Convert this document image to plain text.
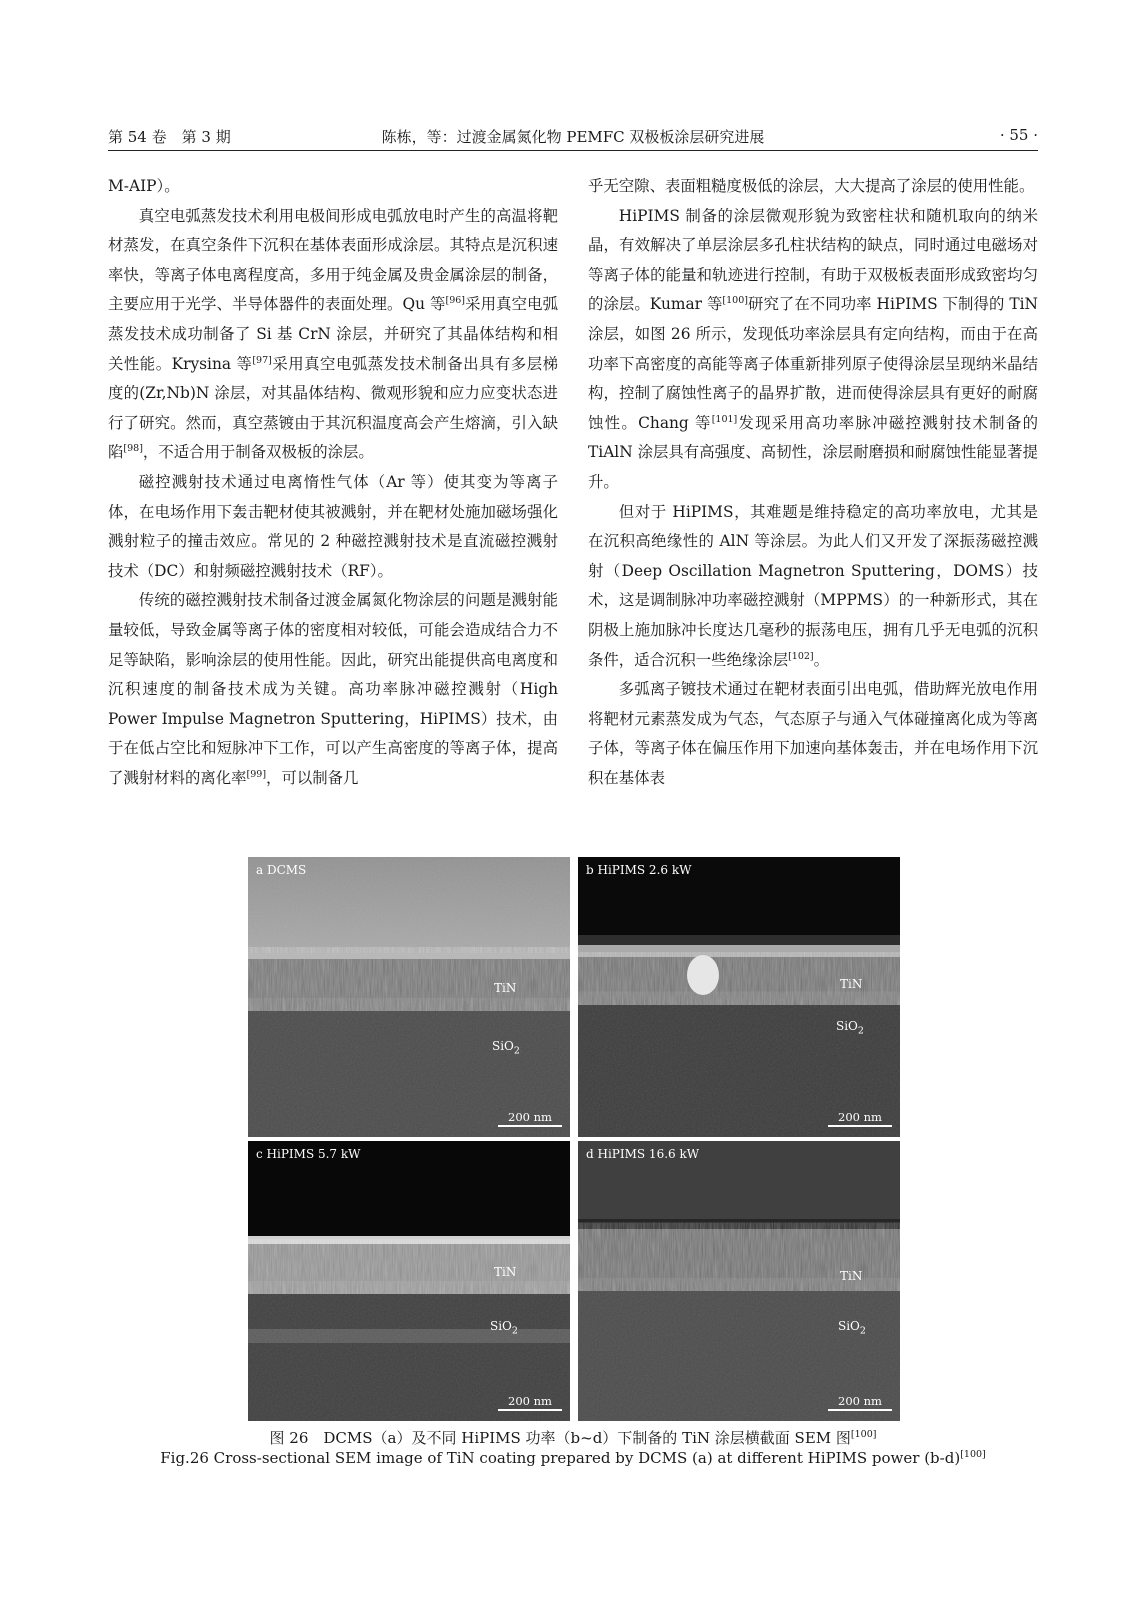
第 54 卷　第 3 期	陈栋，等：过渡金属氮化物 PEMFC 双极板涂层研究进展	· 55 ·

M-AIP）。

真空电弧蒸发技术利用电极间形成电弧放电时产生的高温将靶材蒸发，在真空条件下沉积在基体表面形成涂层。其特点是沉积速率快，等离子体电离程度高，多用于纯金属及贵金属涂层的制备，主要应用于光学、半导体器件的表面处理。Qu 等[96]采用真空电弧蒸发技术成功制备了 Si 基 CrN 涂层，并研究了其晶体结构和相关性能。Krysina 等[97]采用真空电弧蒸发技术制备出具有多层梯度的(Zr,Nb)N 涂层，对其晶体结构、微观形貌和应力应变状态进行了研究。然而，真空蒸镀由于其沉积温度高会产生熔滴，引入缺陷[98]，不适合用于制备双极板的涂层。

磁控溅射技术通过电离惰性气体（Ar 等）使其变为等离子体，在电场作用下轰击靶材使其被溅射，并在靶材处施加磁场强化溅射粒子的撞击效应。常见的 2 种磁控溅射技术是直流磁控溅射技术（DC）和射频磁控溅射技术（RF）。

传统的磁控溅射技术制备过渡金属氮化物涂层的问题是溅射能量较低，导致金属等离子体的密度相对较低，可能会造成结合力不足等缺陷，影响涂层的使用性能。因此，研究出能提供高电离度和沉积速度的制备技术成为关键。高功率脉冲磁控溅射（High Power Impulse Magnetron Sputtering，HiPIMS）技术，由于在低占空比和短脉冲下工作，可以产生高密度的等离子体，提高了溅射材料的离化率[99]，可以制备几

乎无空隙、表面粗糙度极低的涂层，大大提高了涂层的使用性能。

HiPIMS 制备的涂层微观形貌为致密柱状和随机取向的纳米晶，有效解决了单层涂层多孔柱状结构的缺点，同时通过电磁场对等离子体的能量和轨迹进行控制，有助于双极板表面形成致密均匀的涂层。Kumar 等[100]研究了在不同功率 HiPIMS 下制得的 TiN 涂层，如图 26 所示，发现低功率涂层具有定向结构，而由于在高功率下高密度的高能等离子体重新排列原子使得涂层呈现纳米晶结构，控制了腐蚀性离子的晶界扩散，进而使得涂层具有更好的耐腐蚀性。Chang 等[101]发现采用高功率脉冲磁控溅射技术制备的 TiAlN 涂层具有高强度、高韧性，涂层耐磨损和耐腐蚀性能显著提升。

但对于 HiPIMS，其难题是维持稳定的高功率放电，尤其是在沉积高绝缘性的 AlN 等涂层。为此人们又开发了深振荡磁控溅射（Deep Oscillation Magnetron Sputtering，DOMS）技术，这是调制脉冲功率磁控溅射（MPPMS）的一种新形式，其在阴极上施加脉冲长度达几毫秒的振荡电压，拥有几乎无电弧的沉积条件，适合沉积一些绝缘涂层[102]。

多弧离子镀技术通过在靶材表面引出电弧，借助辉光放电作用将靶材元素蒸发成为气态，气态原子与通入气体碰撞离化成为等离子体，等离子体在偏压作用下加速向基体轰击，并在电场作用下沉积在基体表

a DCMS
TiN
SiO$_2$
200 nm
b HiPIMS 2.6 kW
TiN
SiO$_2$
200 nm
c HiPIMS 5.7 kW
TiN
SiO$_2$
200 nm
d HiPIMS 16.6 kW
TiN
SiO$_2$
200 nm
图 26　DCMS（a）及不同 HiPIMS 功率（b~d）下制备的 TiN 涂层横截面 SEM 图[100]
Fig.26 Cross-sectional SEM image of TiN coating prepared by DCMS (a) at different HiPIMS power (b-d)[100]
